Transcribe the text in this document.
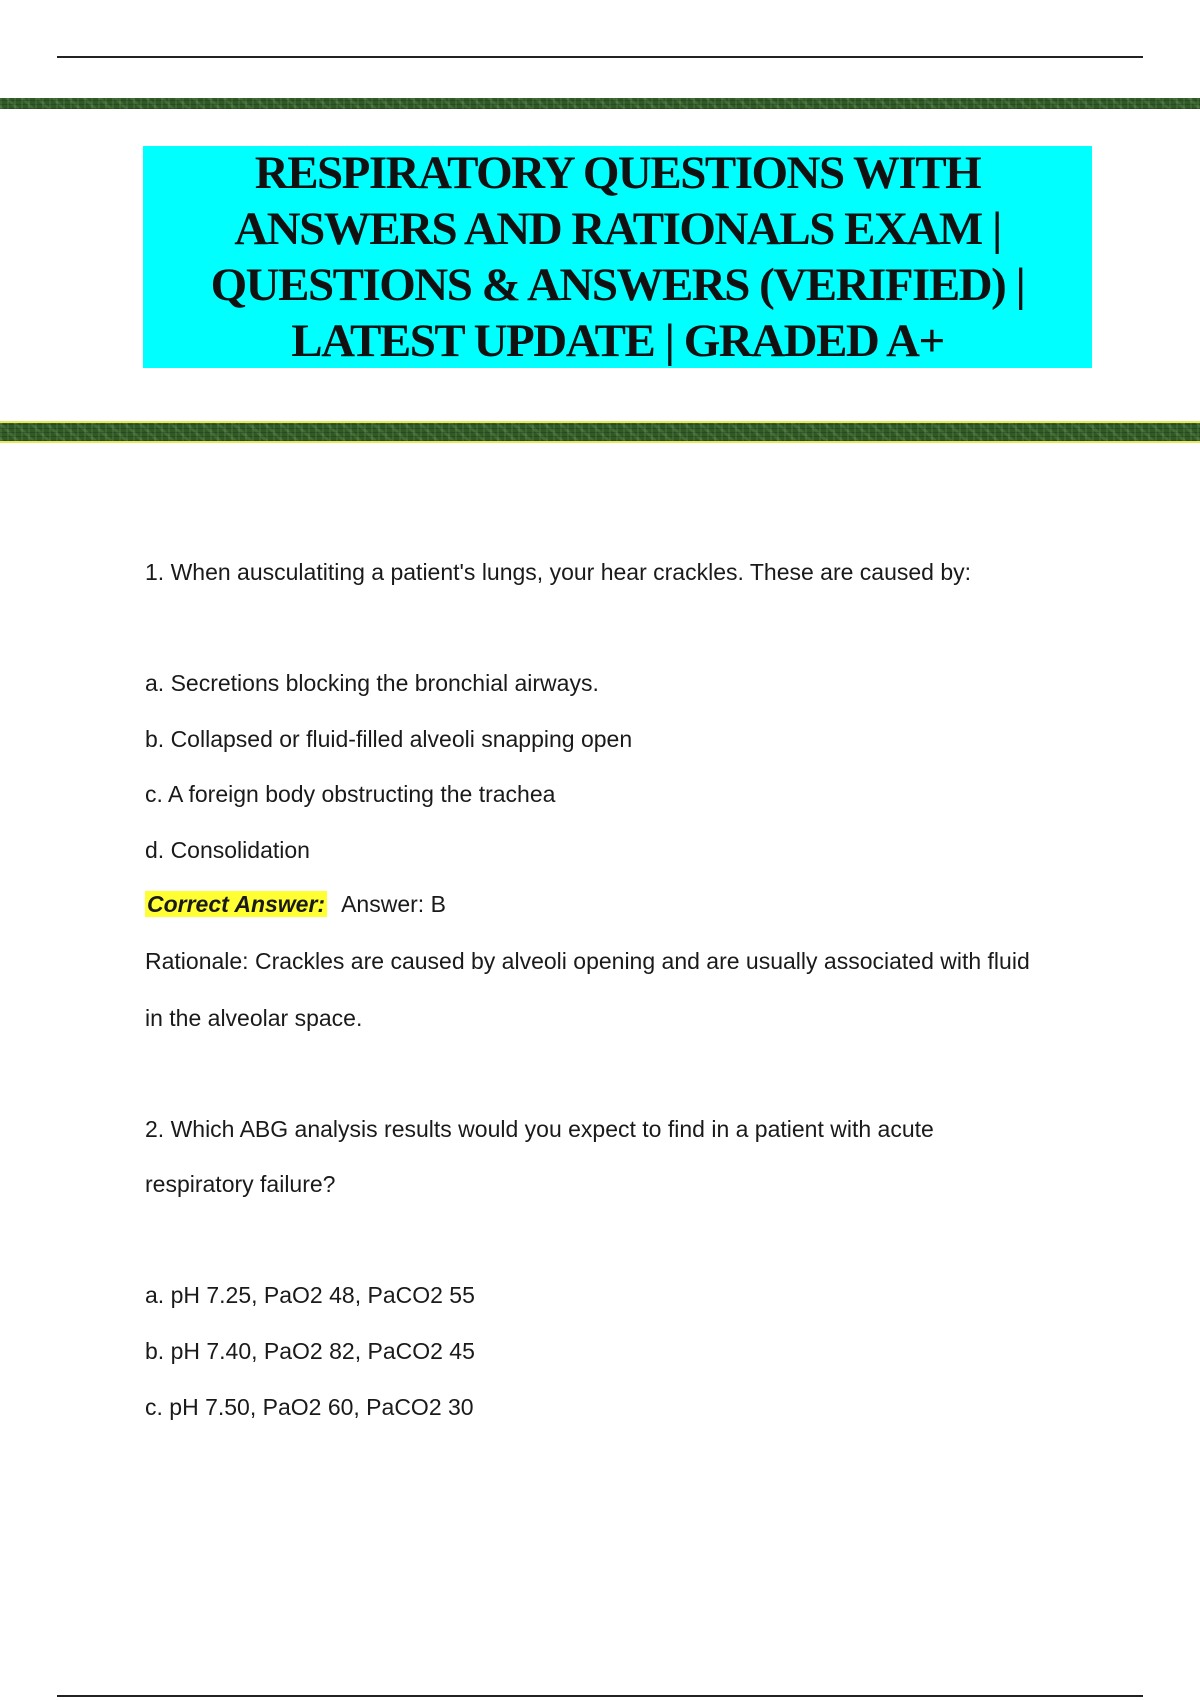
RESPIRATORY QUESTIONS WITH ANSWERS AND RATIONALS EXAM | QUESTIONS & ANSWERS (VERIFIED) | LATEST UPDATE | GRADED A+
1. When ausculatiting a patient's lungs, your hear crackles. These are caused by:
a. Secretions blocking the bronchial airways.
b. Collapsed or fluid-filled alveoli snapping open
c. A foreign body obstructing the trachea
d. Consolidation
Correct Answer: Answer: B
Rationale: Crackles are caused by alveoli opening and are usually associated with fluid
in the alveolar space.
2. Which ABG analysis results would you expect to find in a patient with acute
respiratory failure?
a. pH 7.25, PaO2 48, PaCO2 55
b. pH 7.40, PaO2 82, PaCO2 45
c. pH 7.50, PaO2 60, PaCO2 30
